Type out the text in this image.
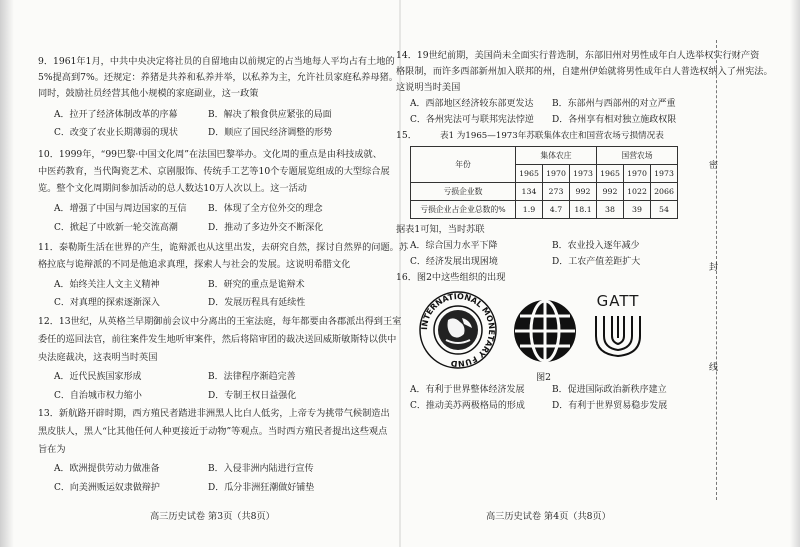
9．1961年1月，中共中央决定将社员的自留地由以前规定的占当地每人平均占有土地的
5%提高到7%。还规定：养猪是共养和私养并举，以私养为主，允许社员家庭私养母猪。
同时，鼓励社员经营其他小规模的家庭副业，这一政策
A．拉开了经济体制改革的序幕	B．解决了粮食供应紧张的局面
C．改变了农业长期薄弱的现状	D．顺应了国民经济调整的形势
10．1999年，“99巴黎·中国文化周”在法国巴黎举办。文化周的重点是由科技成就、
中医药教育，当代陶瓷艺术、京剧服饰、传统手工艺等10个专题展览组成的大型综合展
览。整个文化周期间参加活动的总人数达10万人次以上。这一活动
A．增强了中国与周边国家的互信 B．体现了全方位外交的理念
C．掀起了中欧新一轮交流高潮	D．推动了多边外交不断深化
11．泰勒斯生活在世界的产生，诡辩派也从这里出发，去研究自然，探讨自然界的问题。苏
格拉底与诡辩派的不同是他追求真理，探索人与社会的发展。这说明希腊文化
A．始终关注人文主义精神	B．研究的重点是诡辩术
C．对真理的探索逐渐深入	D．发展历程具有延续性
12．13世纪，从英格兰早期御前会议中分离出的王室法庭，每年都要由各郡派出得到王室
委任的巡回法官，前往案件发生地听审案件，然后将陪审团的裁决送回威斯敏斯特以供中
央法庭裁决，这表明当时英国
A．近代民族国家形成	B．法律程序渐趋完善
C．自治城市权力缩小	D．专制王权日益强化
13．新航路开辟时期，西方殖民者踏进非洲黑人比白人低劣，上帝专为挑带气候制造出
黑皮肤人，黑人“比其他任何人种更接近于动物”等观点。当时西方殖民者提出这些观点
旨在为
A．欧洲提供劳动力做准备	B．入侵非洲内陆进行宣传
C．向美洲贩运奴隶做辩护	D．瓜分非洲狂潮做好铺垫
高三历史试卷 第3页（共8页）
14．19世纪前期，美国尚未全面实行普选制，东部旧州对男性成年白人选举权实行财产资
格限制，而许多西部新州加入联邦的州，自建州伊始就将男性成年白人普选权纳入了州宪法。
这说明当时美国
A．西部地区经济较东部更发达 B．东部州与西部州的对立严重
C．各州宪法可与联邦宪法悖逆 D．各州享有相对独立施政权限
15．	表1 为1965—1973年苏联集体农庄和国营农场亏损情况表
年份	集体农庄			国营农场		
	1965	1970	1973	1965	1970	1973
亏损企业数	134	273	992	992	1022	2066
亏损企业占企业总数的%	1.9	4.7	18.1	38	39	54
据表1可知，当时苏联
A．综合国力水平下降	B．农业投入逐年减少
C．经济发展出现困境	D．工农产值差距扩大
16．图2中这些组织的出现
INTERNATIONAL MONETARY FUND
GATT
图2
A．有利于世界整体经济发展	B．促进国际政治新秩序建立
C．推动美苏两极格局的形成	D．有利于世界贸易稳步发展
高三历史试卷 第4页（共8页）
密
封
线
